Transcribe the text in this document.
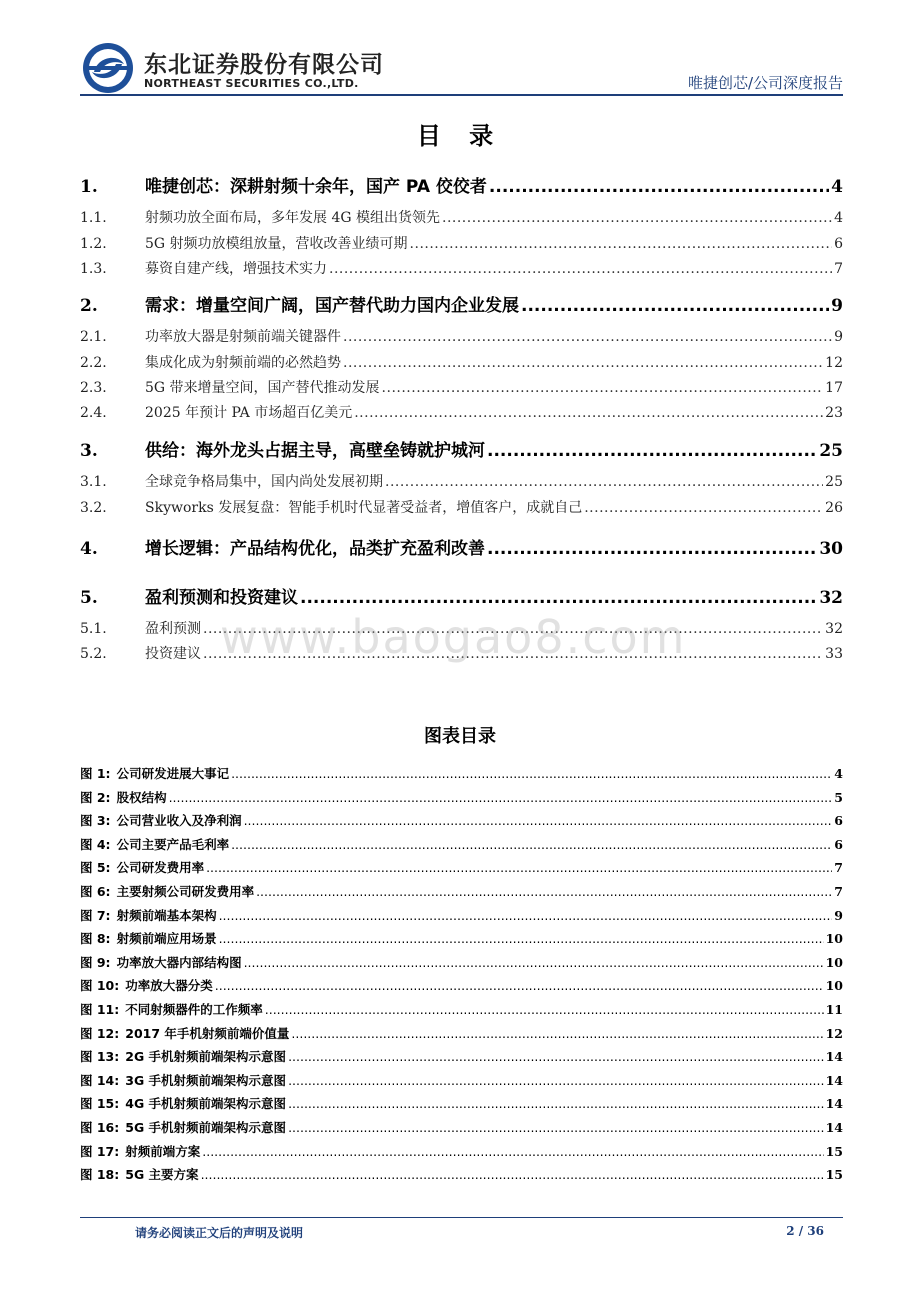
东北证券股份有限公司
NORTHEAST SECURITIES CO.,LTD.	唯捷创芯/公司深度报告
目 录
1.	唯捷创芯：深耕射频十余年，国产 PA 佼佼者 .....	4
1.1.	射频功放全面布局，多年发展 4G 模组出货领先 .....	4
1.2.	5G 射频功放模组放量，营收改善业绩可期 .....	6
1.3.	募资自建产线，增强技术实力 .....	7
2.	需求：增量空间广阔，国产替代助力国内企业发展 .....	9
2.1.	功率放大器是射频前端关键器件 .....	9
2.2.	集成化成为射频前端的必然趋势 .....	12
2.3.	5G 带来增量空间，国产替代推动发展 .....	17
2.4.	2025 年预计 PA 市场超百亿美元 .....	23
3.	供给：海外龙头占据主导，高壁垒铸就护城河 .....	25
3.1.	全球竞争格局集中，国内尚处发展初期 .....	25
3.2.	Skyworks 发展复盘：智能手机时代显著受益者，增值客户，成就自己 .....	26
4.	增长逻辑：产品结构优化，品类扩充盈利改善 .....	30
5.	盈利预测和投资建议 .....	32
5.1.	盈利预测 .....	32
5.2.	投资建议 .....	33
www.baogao8.com
图表目录
图 1: 公司研发进展大事记 .....	4
图 2: 股权结构 .....	5
图 3: 公司营业收入及净利润 .....	6
图 4: 公司主要产品毛利率 .....	6
图 5: 公司研发费用率 .....	7
图 6: 主要射频公司研发费用率 .....	7
图 7: 射频前端基本架构 .....	9
图 8: 射频前端应用场景 .....	10
图 9: 功率放大器内部结构图 .....	10
图 10: 功率放大器分类 .....	10
图 11: 不同射频器件的工作频率 .....	11
图 12: 2017 年手机射频前端价值量 .....	12
图 13: 2G 手机射频前端架构示意图 .....	14
图 14: 3G 手机射频前端架构示意图 .....	14
图 15: 4G 手机射频前端架构示意图 .....	14
图 16: 5G 手机射频前端架构示意图 .....	14
图 17: 射频前端方案 .....	15
图 18: 5G 主要方案 .....	15
请务必阅读正文后的声明及说明	2 / 36
